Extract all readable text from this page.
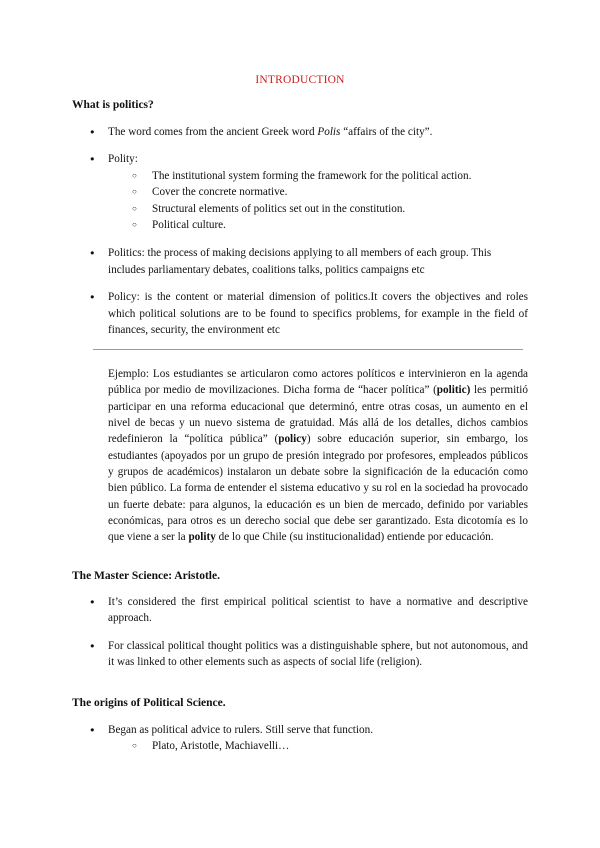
INTRODUCTION
What is politics?
● The word comes from the ancient Greek word Polis “affairs of the city”.
● Polity:
○ The institutional system forming the framework for the political action.
○ Cover the concrete normative.
○ Structural elements of politics set out in the constitution.
○ Political culture.
● Politics: the process of making decisions applying to all members of each group. This includes parliamentary debates, coalitions talks, politics campaigns etc
● Policy: is the content or material dimension of politics.It covers the objectives and roles which political solutions are to be found to specifics problems, for example in the field of finances, security, the environment etc
Ejemplo: Los estudiantes se articularon como actores políticos e intervinieron en la agenda pública por medio de movilizaciones. Dicha forma de “hacer política” (politic) les permitió participar en una reforma educacional que determinó, entre otras cosas, un aumento en el nivel de becas y un nuevo sistema de gratuidad. Más allá de los detalles, dichos cambios redefinieron la “política pública” (policy) sobre educación superior, sin embargo, los estudiantes (apoyados por un grupo de presión integrado por profesores, empleados públicos y grupos de académicos) instalaron un debate sobre la significación de la educación como bien público. La forma de entender el sistema educativo y su rol en la sociedad ha provocado un fuerte debate: para algunos, la educación es un bien de mercado, definido por variables económicas, para otros es un derecho social que debe ser garantizado. Esta dicotomía es lo que viene a ser la polity de lo que Chile (su institucionalidad) entiende por educación.
The Master Science: Aristotle.
● It’s considered the first empirical political scientist to have a normative and descriptive approach.
● For classical political thought politics was a distinguishable sphere, but not autonomous, and it was linked to other elements such as aspects of social life (religion).
The origins of Political Science.
● Began as political advice to rulers. Still serve that function.
○ Plato, Aristotle, Machiavelli…
